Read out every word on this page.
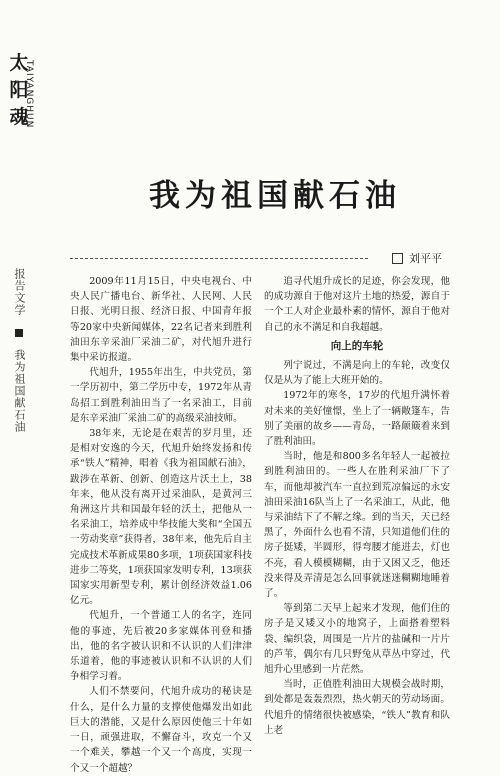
太
阳
魂
TAIYANGHUN
报告文学  我为祖国献石油
我为祖国献石油
刘平平

2009年11月15日，中央电视台、中央人民广播电台、新华社、人民网、人民日报、光明日报、经济日报、中国青年报等20家中央新闻媒体，22名记者来到胜利油田东辛采油厂采油二矿，对代旭升进行集中采访报道。

代旭升，1955年出生，中共党员，第一学历初中，第二学历中专，1972年从青岛招工到胜利油田当了一名采油工，目前是东辛采油厂采油二矿的高级采油技师。

38年来，无论是在艰苦的岁月里，还是相对安逸的今天，代旭升始终发扬和传承“铁人”精神，唱着《我为祖国献石油》，跋涉在革新、创新、创造这片沃土上，38年来，他从没有离开过采油队，是黄河三角洲这片共和国最年轻的沃土，把他从一名采油工，培养成中华技能大奖和“全国五一劳动奖章”获得者，38年来，他先后自主完成技术革新成果80多项，1项获国家科技进步二等奖，1项获国家发明专利，13项获国家实用新型专利，累计创经济效益1.06亿元。

代旭升，一个普通工人的名字，连同他的事迹，先后被20多家媒体刊登和播出，他的名字被认识和不认识的人们津津乐道着，他的事迹被认识和不认识的人们争相学习着。

人们不禁要问，代旭升成功的秘诀是什么，是什么力量的支撑使他爆发出如此巨大的潜能，又是什么原因使他三十年如一日，顽强进取，不懈奋斗，攻克一个又一个难关，攀越一个又一个高度，实现一个又一个超越？

追寻代旭升成长的足迹，你会发现，他的成功源自于他对这片土地的热爱，源自于一个工人对企业最朴素的情怀，源自于他对自己的永不满足和自我超越。

向上的车轮

列宁说过，不满是向上的车轮，改变仅仅是从为了能上大班开始的。

1972年的寒冬，17岁的代旭升满怀着对未来的美好憧憬，坐上了一辆敞篷车，告别了美丽的故乡——青岛，一路颠簸着来到了胜利油田。

当时，他是和800多名年轻人一起被拉到胜利油田的。一些人在胜利采油厂下了车，而他却被汽车一直拉到荒凉偏远的永安油田采油16队当上了一名采油工，从此，他与采油结下了不解之缘。到的当天，天已经黑了，外面什么也看不清，只知道他们住的房子挺矮，半圆形，得弯腰才能进去，灯也不亮，看人模模糊糊，由于又困又乏，他还没来得及弄清是怎么回事就迷迷糊糊地睡着了。

等到第二天早上起来才发现，他们住的房子是又矮又小的地窝子，上面搭着塑料袋、编织袋，周围是一片片的盐碱和一片片的芦苇，偶尔有几只野兔从草丛中穿过，代旭升心里感到一片茫然。

当时，正值胜利油田大规模会战时期，到处都是轰轰烈烈，热火朝天的劳动场面。代旭升的情绪很快被感染，“铁人”教育和队上老
